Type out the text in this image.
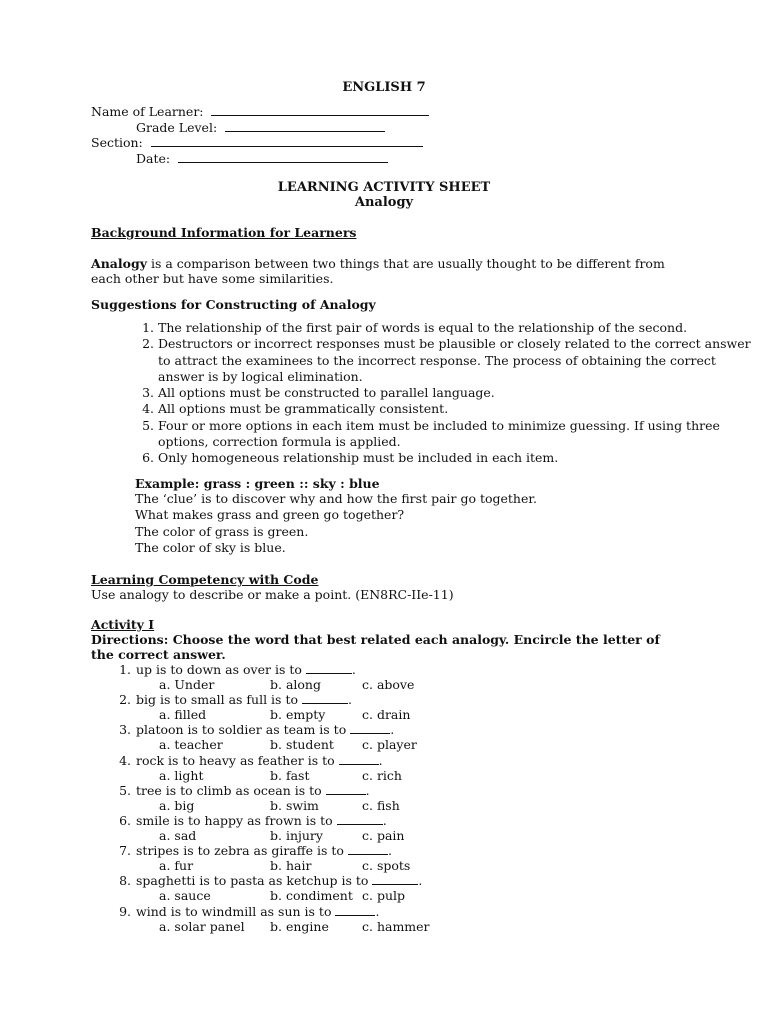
ENGLISH 7
Name of Learner:
Grade Level:
Section:
Date:
LEARNING ACTIVITY SHEET
Analogy
Background Information for Learners
Analogy is a comparison between two things that are usually thought to be different from each other but have some similarities.
Suggestions for Constructing of Analogy
1. The relationship of the first pair of words is equal to the relationship of the second.
2. Destructors or incorrect responses must be plausible or closely related to the correct answer to attract the examinees to the incorrect response. The process of obtaining the correct answer is by logical elimination.
3. All options must be constructed to parallel language.
4. All options must be grammatically consistent.
5. Four or more options in each item must be included to minimize guessing. If using three options, correction formula is applied.
6. Only homogeneous relationship must be included in each item.
Example: grass : green :: sky : blue
The ‘clue’ is to discover why and how the first pair go together.
What makes grass and green go together?
The color of grass is green.
The color of sky is blue.
Learning Competency with Code
Use analogy to describe or make a point. (EN8RC-IIe-11)
Activity I
Directions: Choose the word that best related each analogy. Encircle the letter of the correct answer.
1. up is to down as over is to	.
a. Under	b. along	c. above
2. big is to small as full is to	.
a. filled	b. empty	c. drain
3. platoon is to soldier as team is to	.
a. teacher	b. student c. player
4. rock is to heavy as feather is to	.
a. light	b. fast	c. rich
5. tree is to climb as ocean is to	.
a. big	b. swim	c. fish
6. smile is to happy as frown is to	.
a. sad	b. injury	c. pain
7. stripes is to zebra as giraffe is to	.
a. fur	b. hair	c. spots
8. spaghetti is to pasta as ketchup is to	.
a. sauce	b. condiment c. pulp
9. wind is to windmill as sun is to	.
a. solar panel b. engine	c. hammer
